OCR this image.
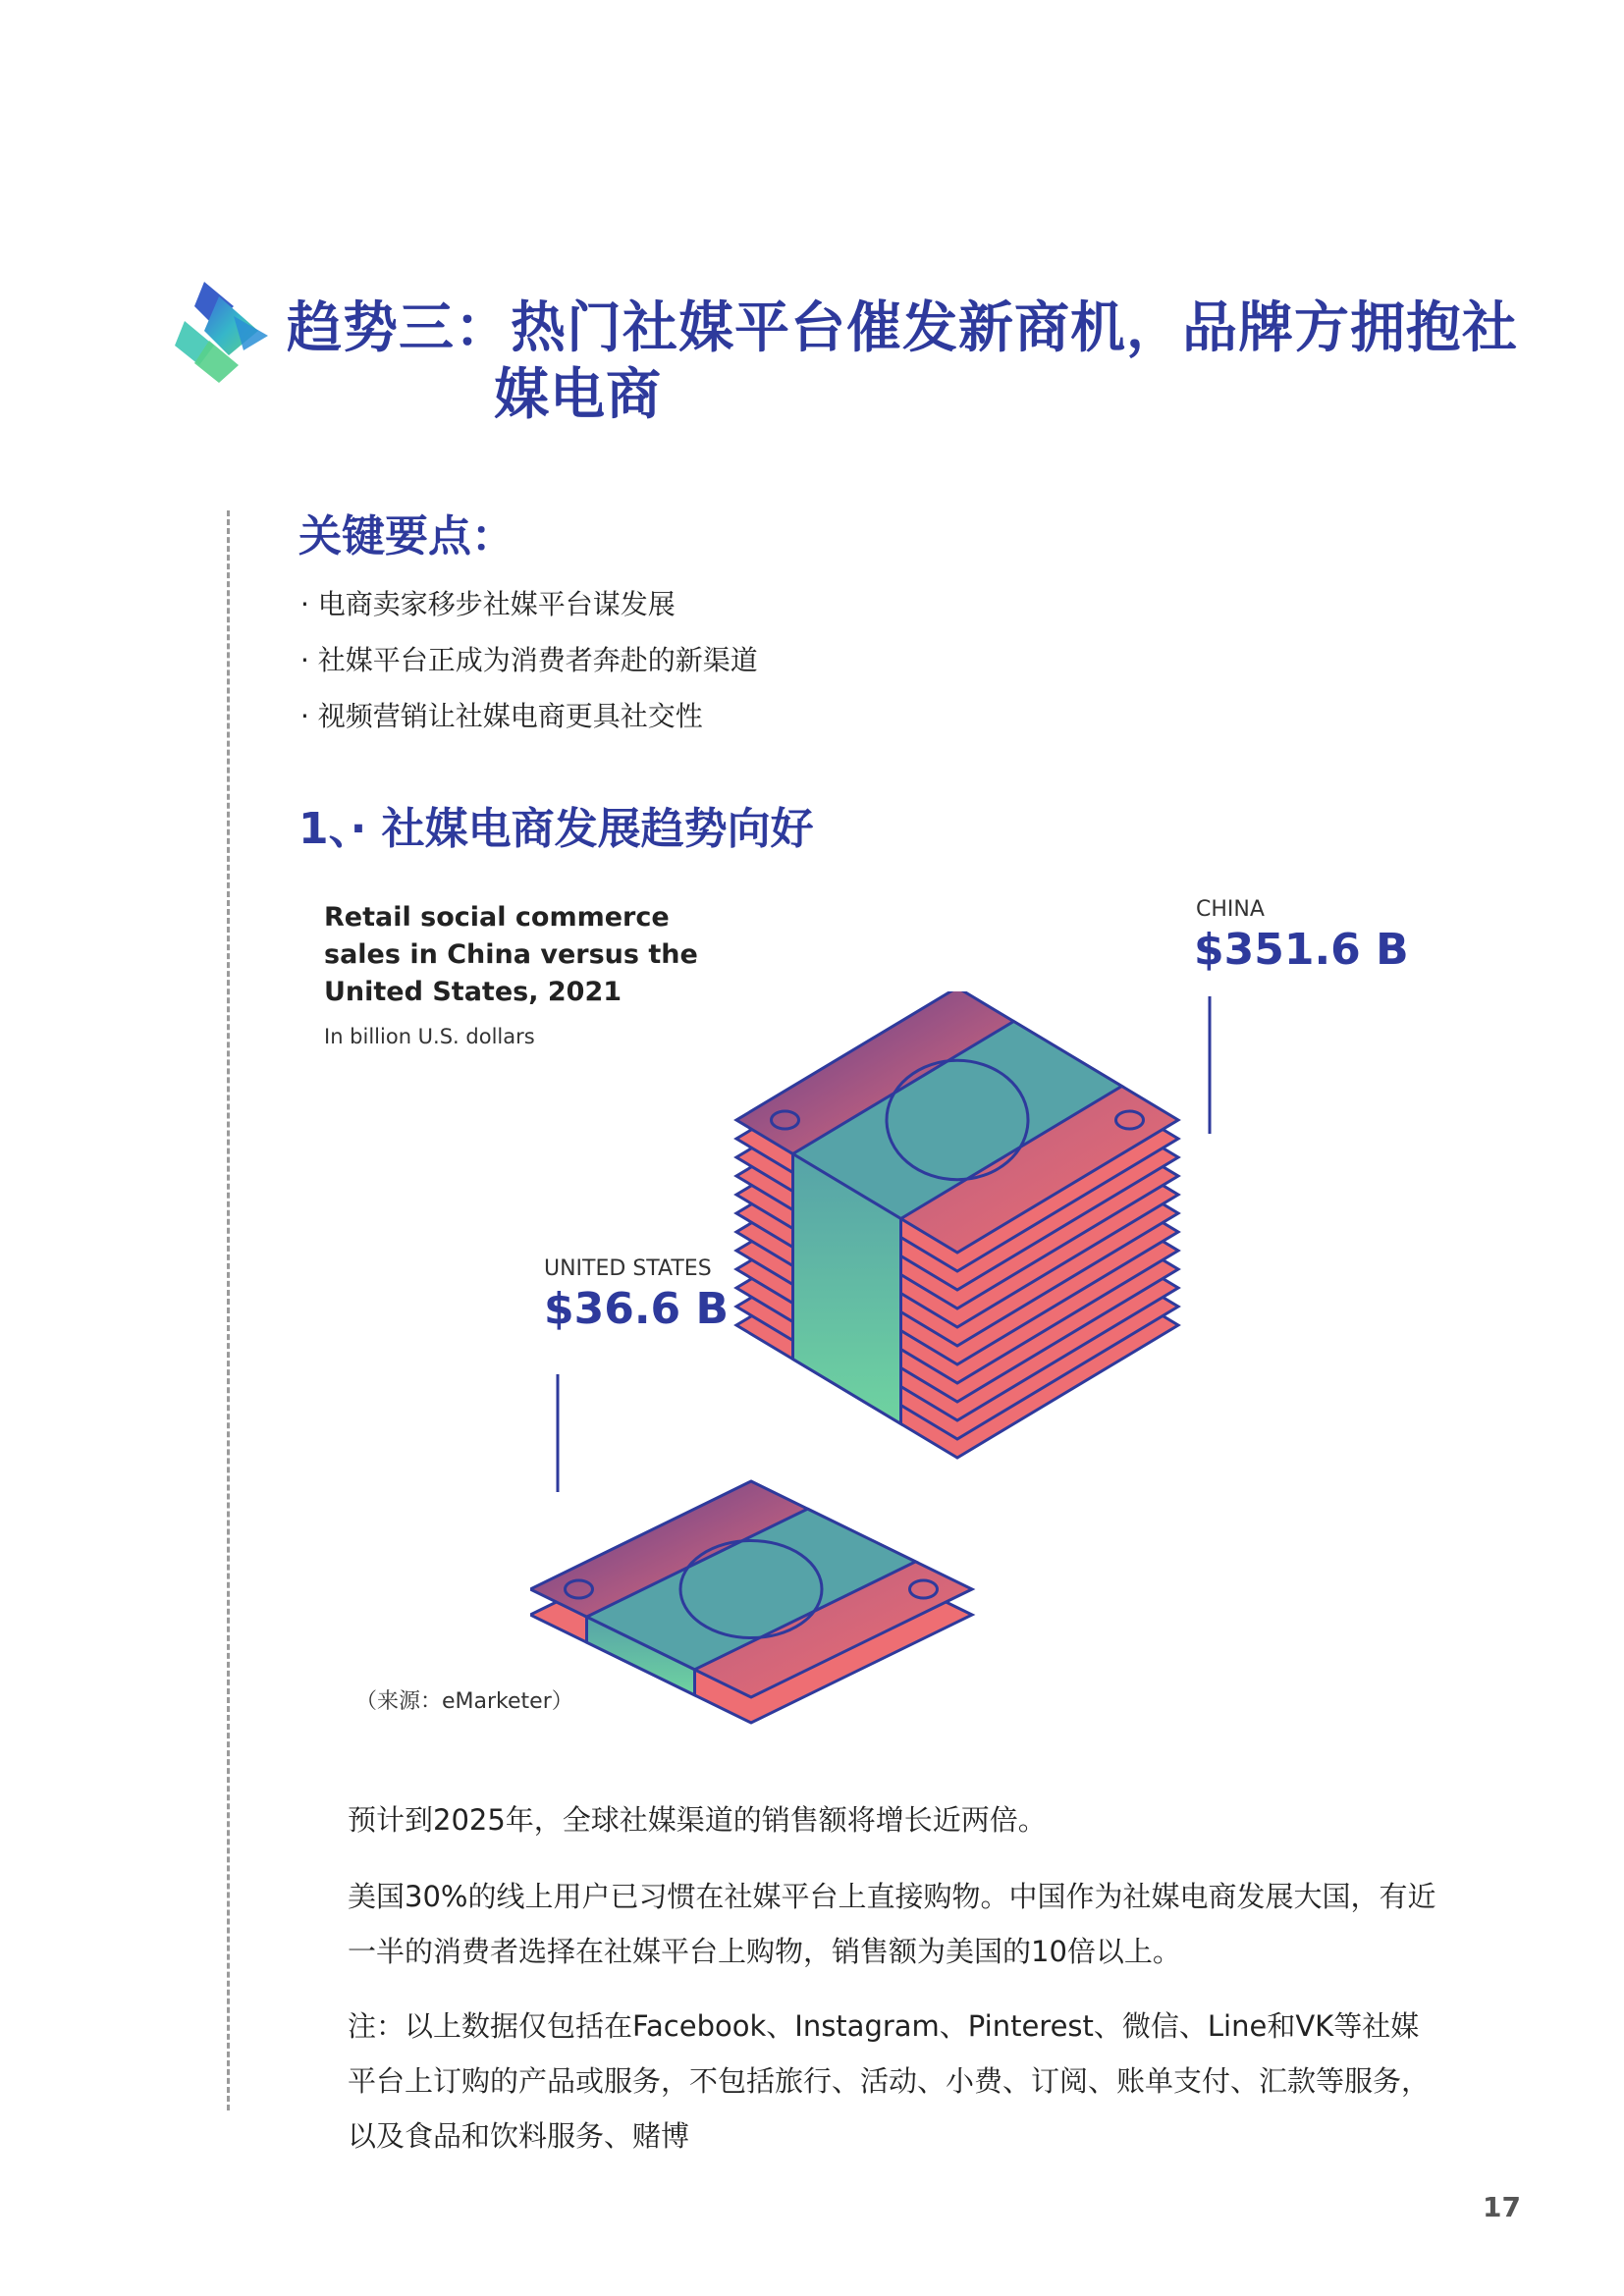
趋势三：热门社媒平台催发新商机，品牌方拥抱社
媒电商
关键要点：
· 电商卖家移步社媒平台谋发展
· 社媒平台正成为消费者奔赴的新渠道
· 视频营销让社媒电商更具社交性
1、· 社媒电商发展趋势向好
Retail social commerce sales in China versus the United States, 2021
In billion U.S. dollars
CHINA
$351.6 B
UNITED STATES
$36.6 B
（来源：eMarketer）
预计到2025年，全球社媒渠道的销售额将增长近两倍。
美国30%的线上用户已习惯在社媒平台上直接购物。中国作为社媒电商发展大国，有近一半的消费者选择在社媒平台上购物，销售额为美国的10倍以上。
注：以上数据仅包括在Facebook、Instagram、Pinterest、微信、Line和VK等社媒平台上订购的产品或服务，不包括旅行、活动、小费、订阅、账单支付、汇款等服务，以及食品和饮料服务、赌博
17
